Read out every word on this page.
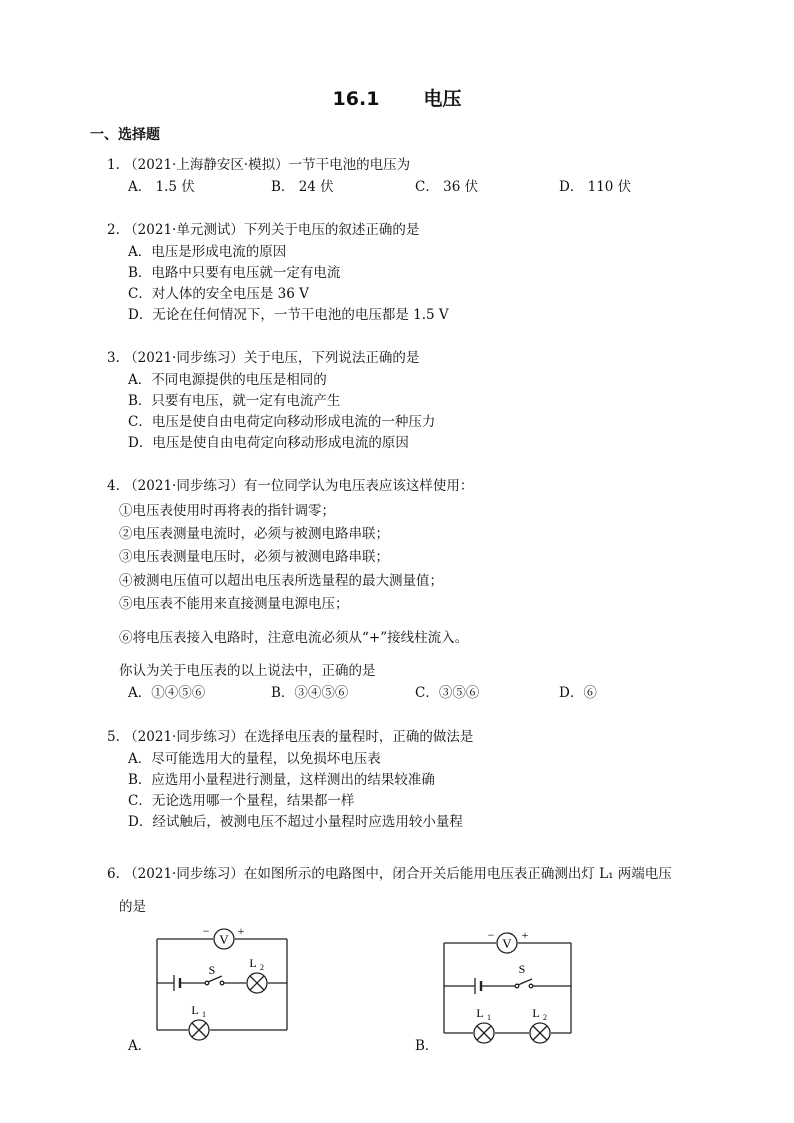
16.1 电压
一、选择题
1. （2021·上海静安区·模拟）一节干电池的电压为
A． 1.5 伏	B． 24 伏	C． 36 伏	D． 110 伏
2. （2021·单元测试）下列关于电压的叙述正确的是
A．电压是形成电流的原因
B．电路中只要有电压就一定有电流
C．对人体的安全电压是 36 V
D．无论在任何情况下，一节干电池的电压都是 1.5 V
3. （2021·同步练习）关于电压，下列说法正确的是
A．不同电源提供的电压是相同的
B．只要有电压，就一定有电流产生
C．电压是使自由电荷定向移动形成电流的一种压力
D．电压是使自由电荷定向移动形成电流的原因
4. （2021·同步练习）有一位同学认为电压表应该这样使用：
①电压表使用时再将表的指针调零；
②电压表测量电流时，必须与被测电路串联；
③电压表测量电压时，必须与被测电路串联；
④被测电压值可以超出电压表所选量程的最大测量值；
⑤电压表不能用来直接测量电源电压；
⑥将电压表接入电路时，注意电流必须从“+”接线柱流入。
你认为关于电压表的以上说法中，正确的是
A．①④⑤⑥	B．③④⑤⑥	C．③⑤⑥	D．⑥
5. （2021·同步练习）在选择电压表的量程时，正确的做法是
A．尽可能选用大的量程，以免损坏电压表
B．应选用小量程进行测量，这样测出的结果较准确
C．无论选用哪一个量程，结果都一样
D．经试触后，被测电压不超过小量程时应选用较小量程
6. （2021·同步练习）在如图所示的电路图中，闭合开关后能用电压表正确测出灯 L₁ 两端电压
的是
A．	B．
V
− +
S	L 2
L 1
V
− +
S
L 1	L 2
